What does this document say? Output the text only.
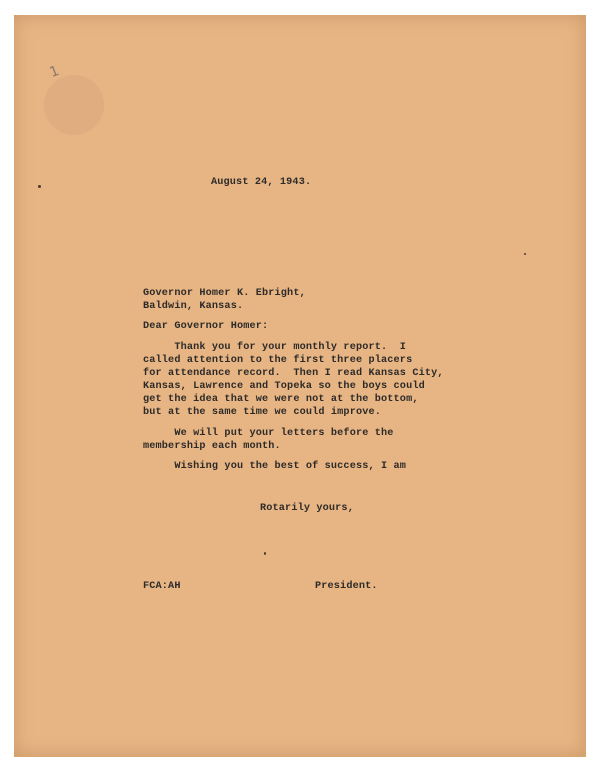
1

August 24, 1943.

Governor Homer K. Ebright,

Baldwin, Kansas.

Dear Governor Homer:

Thank you for your monthly report.  I

called attention to the first three placers

for attendance record.  Then I read Kansas City,

Kansas, Lawrence and Topeka so the boys could

get the idea that we were not at the bottom,

but at the same time we could improve.

We will put your letters before the

membership each month.

Wishing you the best of success, I am

Rotarily yours,

FCA:AH	President.
